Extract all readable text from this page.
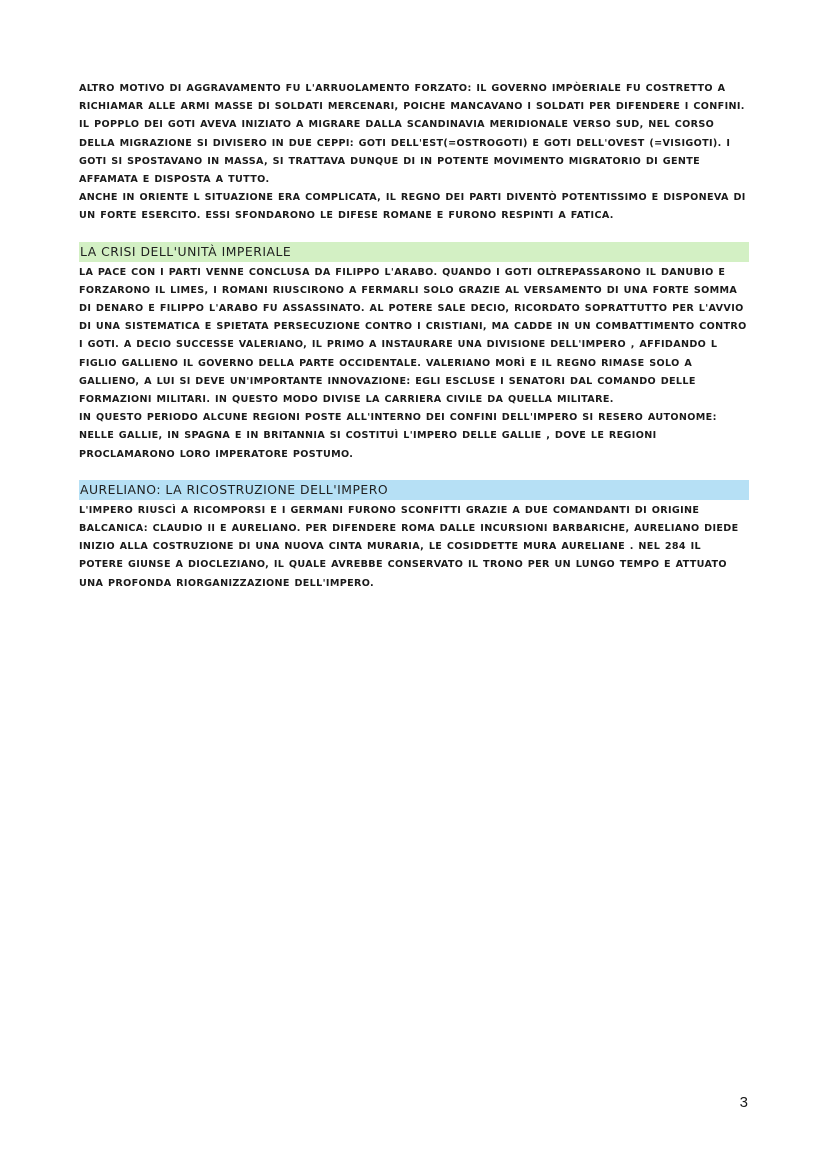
ALTRO MOTIVO DI AGGRAVAMENTO FU L'ARRUOLAMENTO FORZATO: IL GOVERNO IMPÒERIALE FU COSTRETTO A RICHIAMAR ALLE ARMI MASSE DI SOLDATI MERCENARI, POICHE MANCAVANO I SOLDATI PER DIFENDERE I CONFINI.

IL POPPLO DEI GOTI AVEVA INIZIATO A MIGRARE DALLA SCANDINAVIA MERIDIONALE VERSO SUD, NEL CORSO DELLA MIGRAZIONE SI DIVISERO IN DUE CEPPI: GOTI DELL'EST(=OSTROGOTI) E GOTI DELL'OVEST (=VISIGOTI). I GOTI SI SPOSTAVANO IN MASSA, SI TRATTAVA DUNQUE DI IN POTENTE MOVIMENTO MIGRATORIO DI GENTE AFFAMATA E DISPOSTA A TUTTO.

ANCHE IN ORIENTE L SITUAZIONE ERA COMPLICATA, IL REGNO DEI PARTI DIVENTÒ POTENTISSIMO E DISPONEVA DI UN FORTE ESERCITO. ESSI SFONDARONO LE DIFESE ROMANE E FURONO RESPINTI A FATICA.

LA CRISI DELL'UNITÀ IMPERIALE

LA PACE CON I PARTI VENNE CONCLUSA DA FILIPPO L'ARABO. QUANDO I GOTI OLTREPASSARONO IL DANUBIO E FORZARONO IL LIMES, I ROMANI RIUSCIRONO A FERMARLI SOLO GRAZIE AL VERSAMENTO DI UNA FORTE SOMMA DI DENARO E FILIPPO L'ARABO FU ASSASSINATO. AL POTERE SALE DECIO, RICORDATO SOPRATTUTTO PER L'AVVIO DI UNA SISTEMATICA E SPIETATA PERSECUZIONE CONTRO I CRISTIANI, MA CADDE IN UN COMBATTIMENTO CONTRO I GOTI. A DECIO SUCCESSE VALERIANO, IL PRIMO A INSTAURARE UNA DIVISIONE DELL'IMPERO , AFFIDANDO L FIGLIO GALLIENO IL GOVERNO DELLA PARTE OCCIDENTALE. VALERIANO MORÌ E IL REGNO RIMASE SOLO A GALLIENO, A LUI SI DEVE UN'IMPORTANTE INNOVAZIONE: EGLI ESCLUSE I SENATORI DAL COMANDO DELLE FORMAZIONI MILITARI. IN QUESTO MODO DIVISE LA CARRIERA CIVILE DA QUELLA MILITARE.

IN QUESTO PERIODO ALCUNE REGIONI POSTE ALL'INTERNO DEI CONFINI DELL'IMPERO SI RESERO AUTONOME: NELLE GALLIE, IN SPAGNA E IN BRITANNIA SI COSTITUÌ L'IMPERO DELLE GALLIE , DOVE LE REGIONI PROCLAMARONO LORO IMPERATORE POSTUMO.

AURELIANO: LA RICOSTRUZIONE DELL'IMPERO

L'IMPERO RIUSCÌ A RICOMPORSI E I GERMANI FURONO SCONFITTI GRAZIE A DUE COMANDANTI DI ORIGINE BALCANICA: CLAUDIO II E AURELIANO. PER DIFENDERE ROMA DALLE INCURSIONI BARBARICHE, AURELIANO DIEDE INIZIO ALLA COSTRUZIONE DI UNA NUOVA CINTA MURARIA, LE COSIDDETTE MURA AURELIANE . NEL 284 IL POTERE GIUNSE A DIOCLEZIANO, IL QUALE AVREBBE CONSERVATO IL TRONO PER UN LUNGO TEMPO E ATTUATO UNA PROFONDA RIORGANIZZAZIONE DELL'IMPERO.

3
